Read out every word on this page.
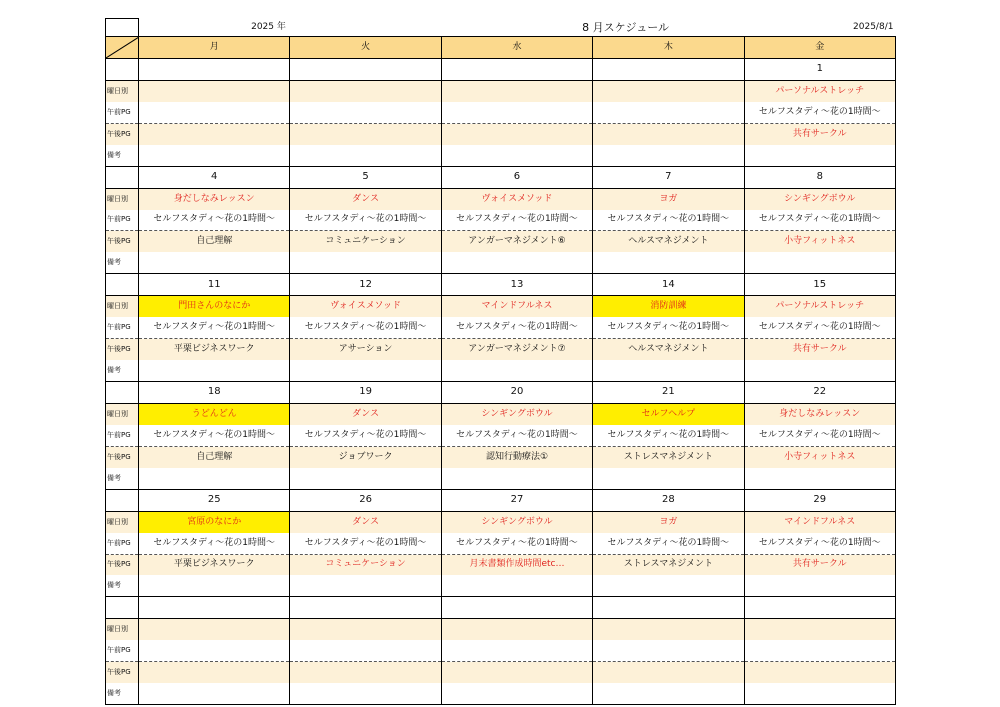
	2025 年		8	月スケジュール	2025/8/1

	月	火	水	木	金
					1
曜日別					パーソナルストレッチ
午前PG					セルフスタディ～花の1時間～
午後PG					共有サークル
備考					
	4	5	6	7	8
曜日別	身だしなみレッスン	ダンス	ヴォイスメソッド	ヨガ	シンギングボウル
午前PG	セルフスタディ～花の1時間～	セルフスタディ～花の1時間～	セルフスタディ～花の1時間～	セルフスタディ～花の1時間～	セルフスタディ～花の1時間～
午後PG	自己理解	コミュニケーション	アンガーマネジメント⑥	ヘルスマネジメント	小寺フィットネス
備考					
	11	12	13	14	15
曜日別	門田さんのなにか	ヴォイスメソッド	マインドフルネス	消防訓練	パーソナルストレッチ
午前PG	セルフスタディ～花の1時間～	セルフスタディ～花の1時間～	セルフスタディ～花の1時間～	セルフスタディ～花の1時間～	セルフスタディ～花の1時間～
午後PG	平栗ビジネスワーク	アサーション	アンガーマネジメント⑦	ヘルスマネジメント	共有サークル
備考					
	18	19	20	21	22
曜日別	うどんどん	ダンス	シンギングボウル	セルフヘルプ	身だしなみレッスン
午前PG	セルフスタディ～花の1時間～	セルフスタディ～花の1時間～	セルフスタディ～花の1時間～	セルフスタディ～花の1時間～	セルフスタディ～花の1時間～
午後PG	自己理解	ジョブワーク	認知行動療法①	ストレスマネジメント	小寺フィットネス
備考					
	25	26	27	28	29
曜日別	宮原のなにか	ダンス	シンギングボウル	ヨガ	マインドフルネス
午前PG	セルフスタディ～花の1時間～	セルフスタディ～花の1時間～	セルフスタディ～花の1時間～	セルフスタディ～花の1時間～	セルフスタディ～花の1時間～
午後PG	平栗ビジネスワーク	コミュニケーション	月末書類作成時間etc…	ストレスマネジメント	共有サークル
備考					

曜日別					
午前PG					
午後PG					
備考					
